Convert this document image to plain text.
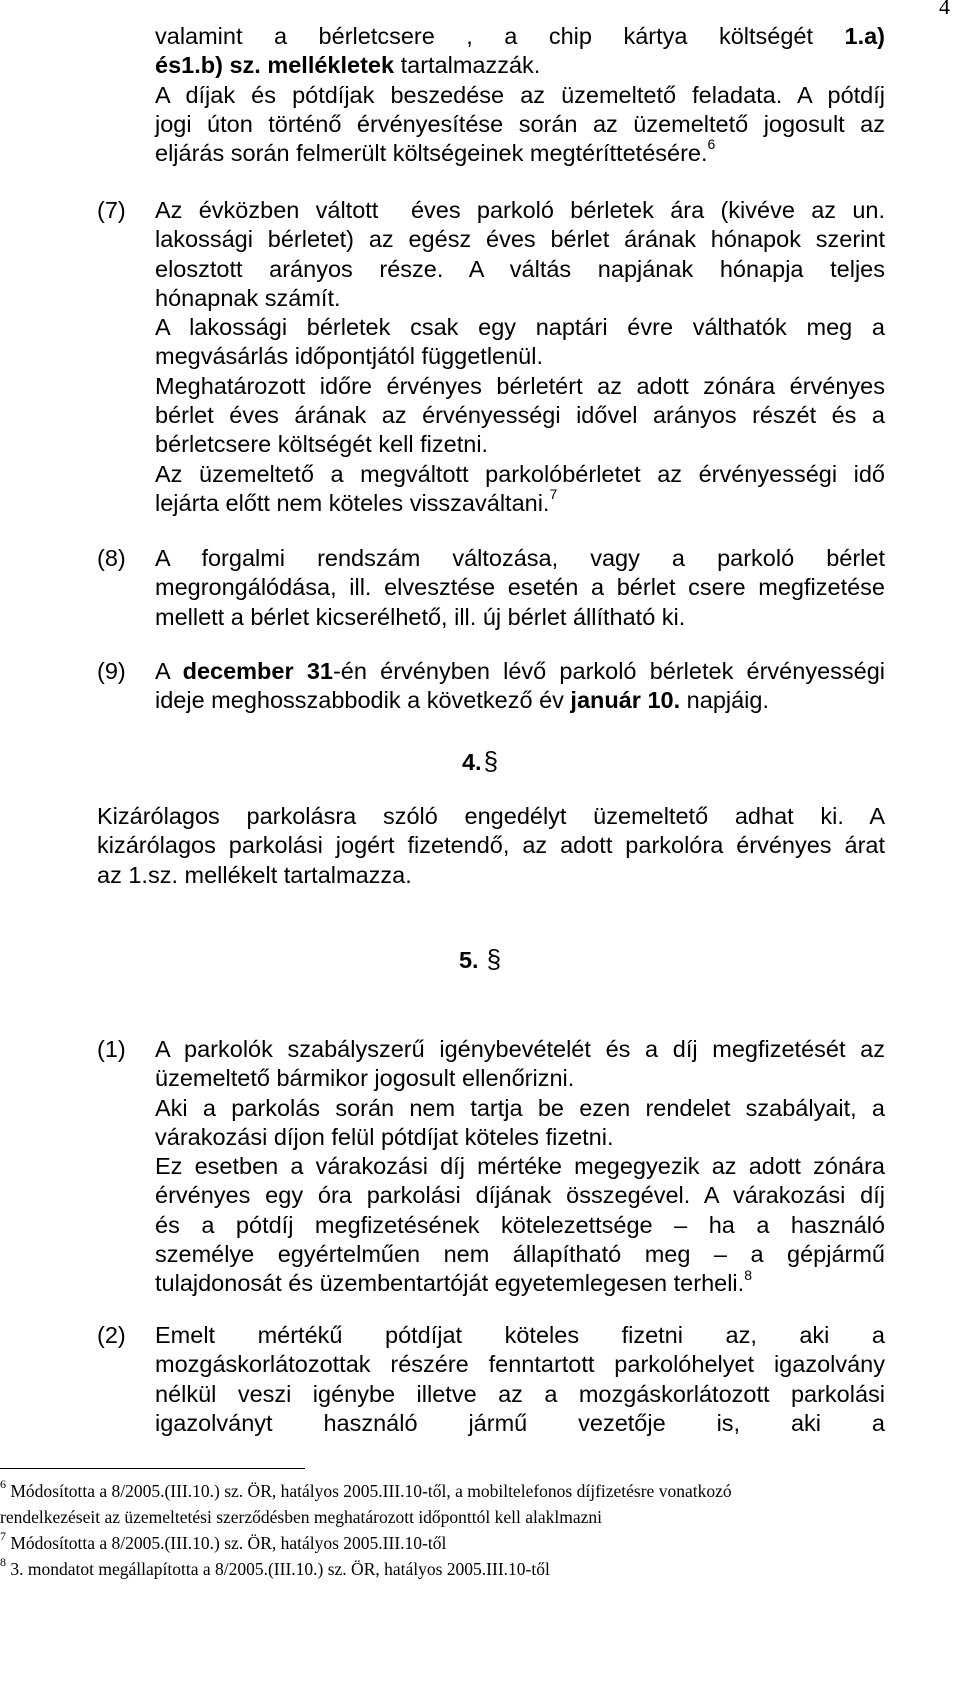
4
valamint a bérletcsere , a chip kártya költségét 1.a)
és1.b) sz. mellékletek tartalmazzák.
A díjak és pótdíjak beszedése az üzemeltető feladata. A pótdíj
jogi úton történő érvényesítése során az üzemeltető jogosult az
eljárás során felmerült költségeinek megtéríttetésére.$^6$
(7) Az évközben váltott  éves parkoló bérletek ára (kivéve az un.
lakossági bérletet) az egész éves bérlet árának hónapok szerint
elosztott arányos része. A váltás napjának hónapja teljes
hónapnak számít.
A lakossági bérletek csak egy naptári évre válthatók meg a
megvásárlás időpontjától függetlenül.
Meghatározott időre érvényes bérletért az adott zónára érvényes
bérlet éves árának az érvényességi idővel arányos részét és a
bérletcsere költségét kell fizetni.
Az üzemeltető a megváltott parkolóbérletet az érvényességi idő
lejárta előtt nem köteles visszaváltani.$^7$
(8) A forgalmi rendszám változása, vagy a parkoló bérlet
megrongálódása, ill. elvesztése esetén a bérlet csere megfizetése
mellett a bérlet kicserélhető, ill. új bérlet állítható ki.
(9) A december 31-én érvényben lévő parkoló bérletek érvényességi
ideje meghosszabbodik a következő év január 10. napjáig.
4.§
Kizárólagos parkolásra szóló engedélyt üzemeltető adhat ki. A
kizárólagos parkolási jogért fizetendő, az adott parkolóra érvényes árat
az 1.sz. mellékelt tartalmazza.
5. §
(1) A parkolók szabályszerű igénybevételét és a díj megfizetését az
üzemeltető bármikor jogosult ellenőrizni.
Aki a parkolás során nem tartja be ezen rendelet szabályait, a
várakozási díjon felül pótdíjat köteles fizetni.
Ez esetben a várakozási díj mértéke megegyezik az adott zónára
érvényes egy óra parkolási díjának összegével. A várakozási díj
és a pótdíj megfizetésének kötelezettsége – ha a használó
személye egyértelműen nem állapítható meg – a gépjármű
tulajdonosát és üzembentartóját egyetemlegesen terheli.$^8$
(2) Emelt mértékű pótdíjat köteles fizetni az, aki a
mozgáskorlátozottak részére fenntartott parkolóhelyet igazolvány
nélkül veszi igénybe illetve az a mozgáskorlátozott parkolási
igazolványt használó jármű vezetője is, aki a
$^6$ Módosította a 8/2005.(III.10.) sz. ÖR, hatályos 2005.III.10-től, a mobiltelefonos díjfizetésre vonatkozó
rendelkezéseit az üzemeltetési szerződésben meghatározott időponttól kell alaklmazni
$^7$ Módosította a 8/2005.(III.10.) sz. ÖR, hatályos 2005.III.10-től
$^8$ 3. mondatot megállapította a 8/2005.(III.10.) sz. ÖR, hatályos 2005.III.10-től
